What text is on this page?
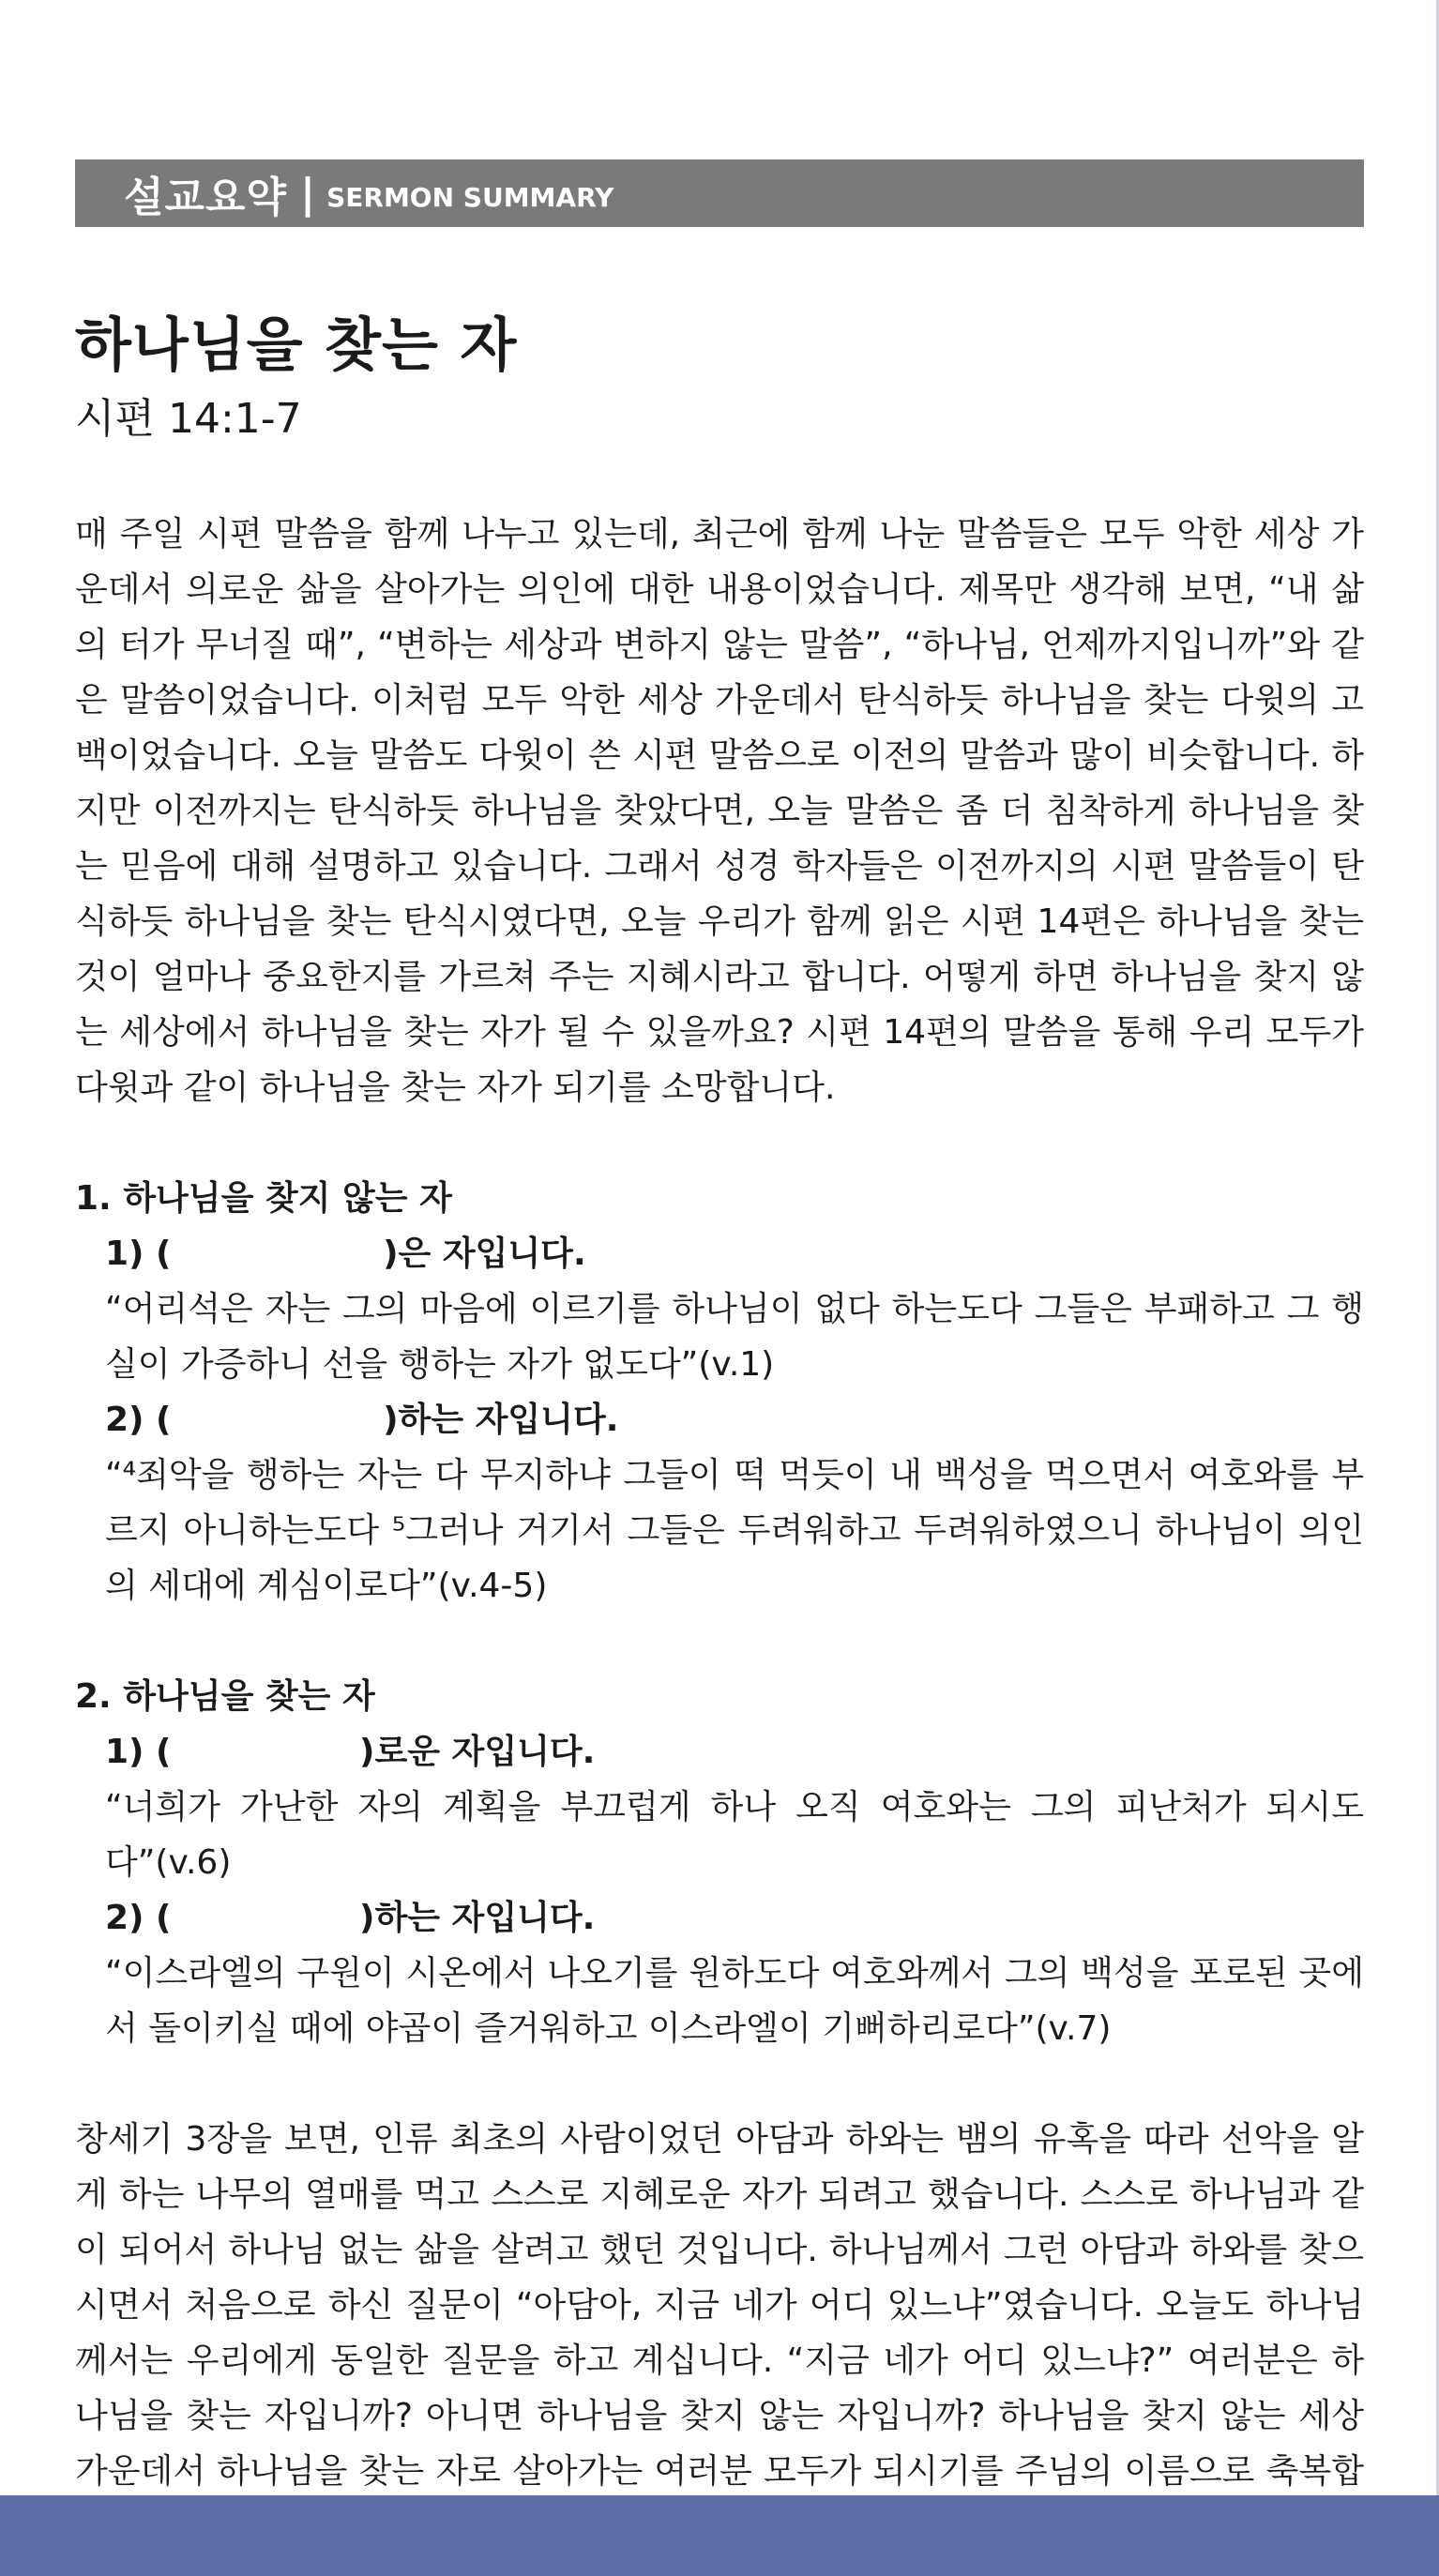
설교요약 | SERMON SUMMARY
하나님을 찾는 자
시편 14:1-7

매 주일 시편 말씀을 함께 나누고 있는데, 최근에 함께 나눈 말씀들은 모두 악한 세상 가운데서 의로운 삶을 살아가는 의인에 대한 내용이었습니다. 제목만 생각해 보면, “내 삶의 터가 무너질 때”, “변하는 세상과 변하지 않는 말씀”, “하나님, 언제까지입니까”와 같은 말씀이었습니다. 이처럼 모두 악한 세상 가운데서 탄식하듯 하나님을 찾는 다윗의 고백이었습니다. 오늘 말씀도 다윗이 쓴 시편 말씀으로 이전의 말씀과 많이 비슷합니다. 하지만 이전까지는 탄식하듯 하나님을 찾았다면, 오늘 말씀은 좀 더 침착하게 하나님을 찾는 믿음에 대해 설명하고 있습니다. 그래서 성경 학자들은 이전까지의 시편 말씀들이 탄식하듯 하나님을 찾는 탄식시였다면, 오늘 우리가 함께 읽은 시편 14편은 하나님을 찾는 것이 얼마나 중요한지를 가르쳐 주는 지혜시라고 합니다. 어떻게 하면 하나님을 찾지 않는 세상에서 하나님을 찾는 자가 될 수 있을까요? 시편 14편의 말씀을 통해 우리 모두가 다윗과 같이 하나님을 찾는 자가 되기를 소망합니다.

1. 하나님을 찾지 않는 자

1) (                  )은 자입니다.

“어리석은 자는 그의 마음에 이르기를 하나님이 없다 하는도다 그들은 부패하고 그 행실이 가증하니 선을 행하는 자가 없도다”(v.1)

2) (                  )하는 자입니다.

“⁴죄악을 행하는 자는 다 무지하냐 그들이 떡 먹듯이 내 백성을 먹으면서 여호와를 부르지 아니하는도다 ⁵그러나 거기서 그들은 두려워하고 두려워하였으니 하나님이 의인의 세대에 계심이로다”(v.4-5)

2. 하나님을 찾는 자

1) (                )로운 자입니다.

“너희가 가난한 자의 계획을 부끄럽게 하나 오직 여호와는 그의 피난처가 되시도다”(v.6)

2) (                )하는 자입니다.

“이스라엘의 구원이 시온에서 나오기를 원하도다 여호와께서 그의 백성을 포로된 곳에서 돌이키실 때에 야곱이 즐거워하고 이스라엘이 기뻐하리로다”(v.7)

창세기 3장을 보면, 인류 최초의 사람이었던 아담과 하와는 뱀의 유혹을 따라 선악을 알게 하는 나무의 열매를 먹고 스스로 지혜로운 자가 되려고 했습니다. 스스로 하나님과 같이 되어서 하나님 없는 삶을 살려고 했던 것입니다. 하나님께서 그런 아담과 하와를 찾으시면서 처음으로 하신 질문이 “아담아, 지금 네가 어디 있느냐”였습니다. 오늘도 하나님께서는 우리에게 동일한 질문을 하고 계십니다. “지금 네가 어디 있느냐?” 여러분은 하나님을 찾는 자입니까? 아니면 하나님을 찾지 않는 자입니까? 하나님을 찾지 않는 세상 가운데서 하나님을 찾는 자로 살아가는 여러분 모두가 되시기를 주님의 이름으로 축복합
